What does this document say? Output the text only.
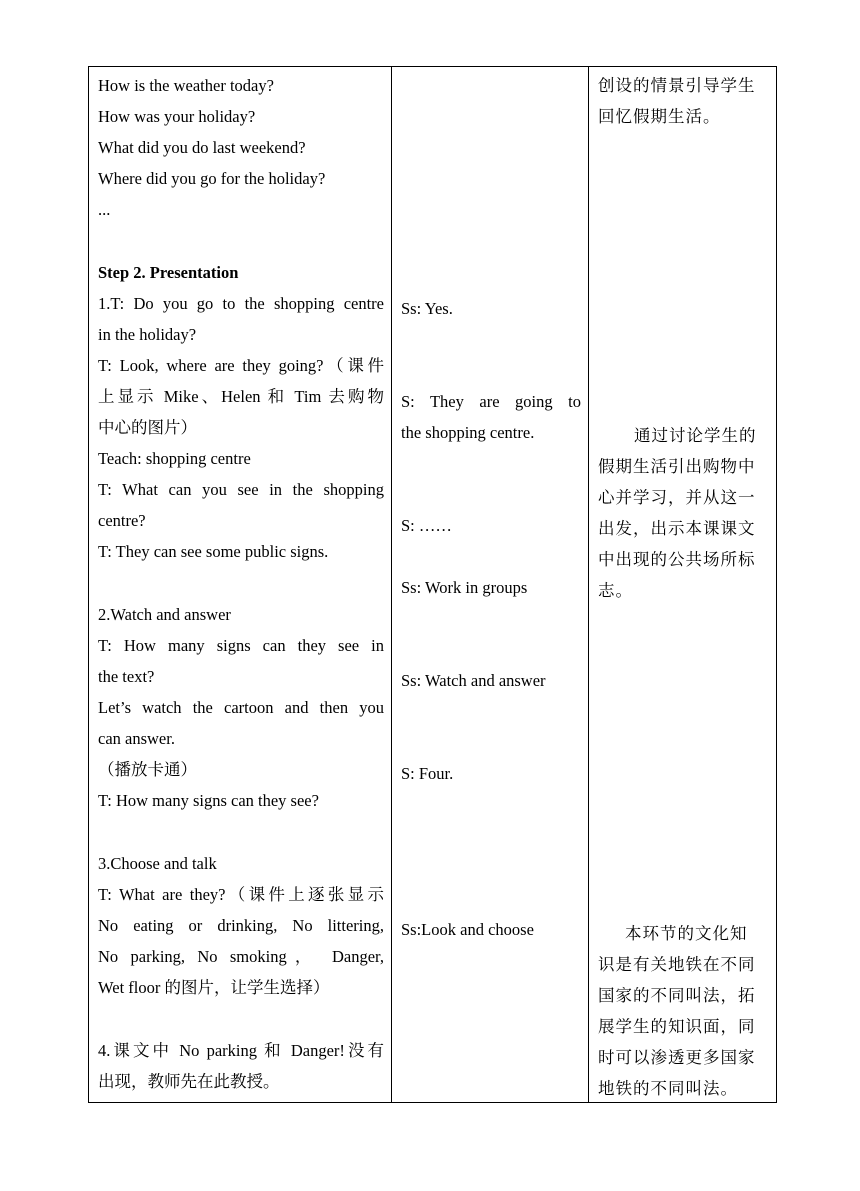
How is the weather today?
How was your holiday?
What did you do last weekend?
Where did you go for the holiday?
...
Step 2. Presentation
1.T: Do you go to the shopping centre
in the holiday?
T: Look, where are they going?（课件
上显示 Mike、Helen 和 Tim 去购物
中心的图片）
Teach: shopping centre
T: What can you see in the shopping
centre?
T: They can see some public signs.
2.Watch and answer
T: How many signs can they see in
the text?
Let’s watch the cartoon and then you
can answer.
（播放卡通）
T: How many signs can they see?
3.Choose and talk
T: What are they?（课件上逐张显示
No eating or drinking, No littering,
No parking, No smoking， Danger,
Wet floor 的图片，让学生选择）
4.课文中 No parking 和 Danger!没有
出现，教师先在此教授。

Ss: Yes.
S: They are going to
the shopping centre.
S: ……
Ss: Work in groups
Ss: Watch and answer
S: Four.
Ss:Look and choose

创设的情景引导学生
回忆假期生活。
通过讨论学生的
假期生活引出购物中
心并学习，并从这一
出发，出示本课课文
中出现的公共场所标
志。
本环节的文化知
识是有关地铁在不同
国家的不同叫法，拓
展学生的知识面，同
时可以渗透更多国家
地铁的不同叫法。
